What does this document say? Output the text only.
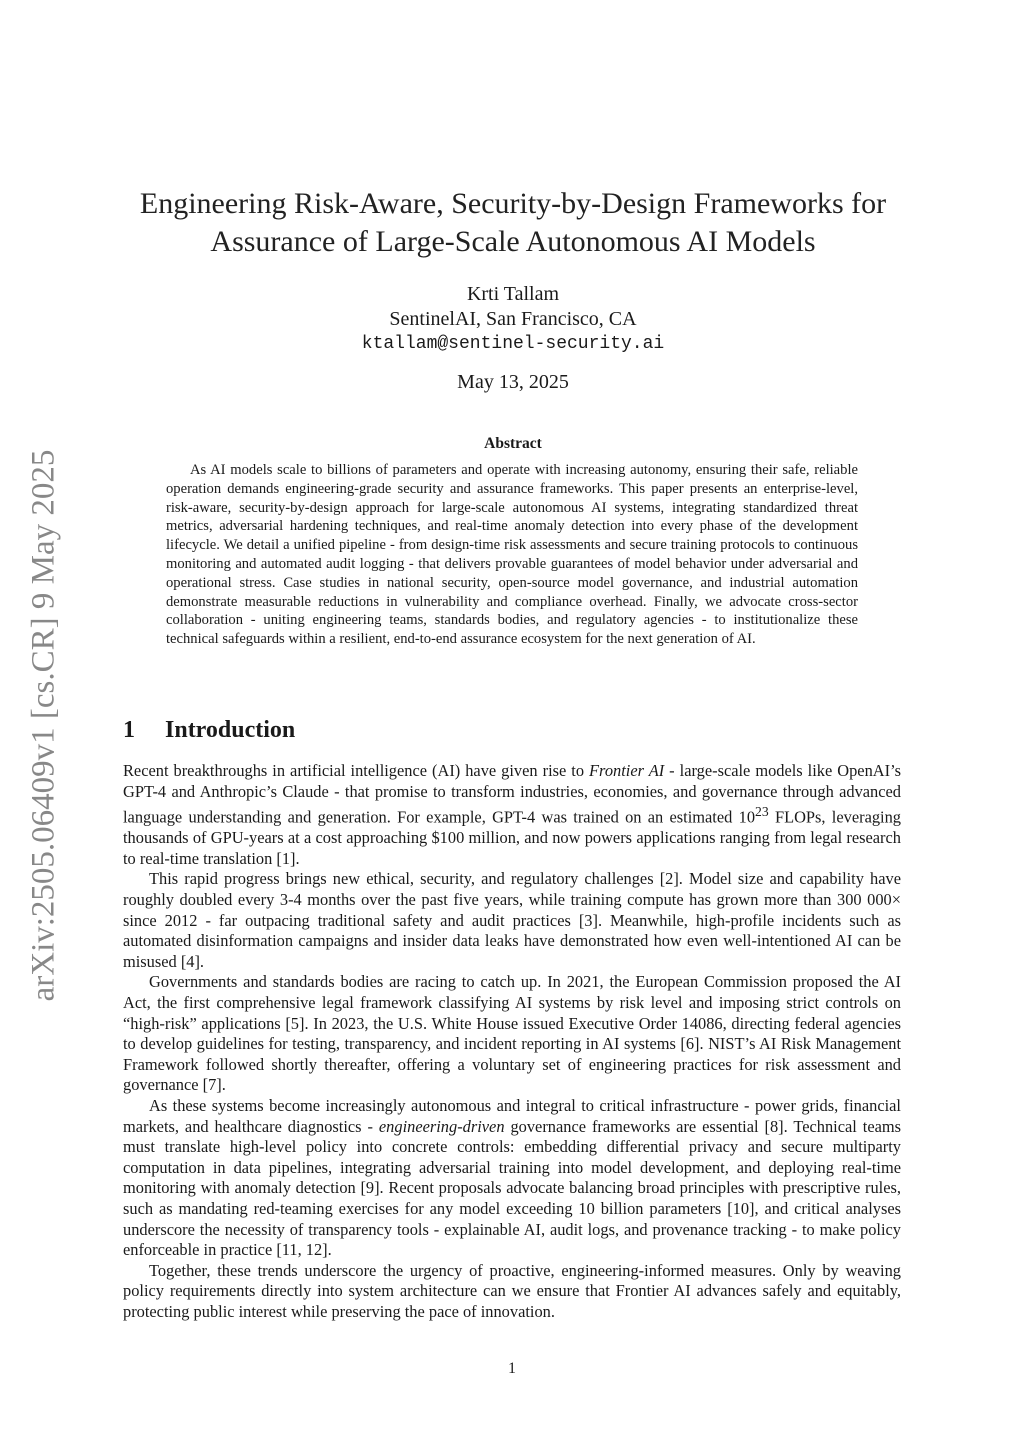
arXiv:2505.06409v1 [cs.CR] 9 May 2025
Engineering Risk-Aware, Security-by-Design Frameworks for
Assurance of Large-Scale Autonomous AI Models
Krti Tallam
SentinelAI, San Francisco, CA
ktallam@sentinel-security.ai
May 13, 2025
Abstract

As AI models scale to billions of parameters and operate with increasing autonomy, ensuring their safe, reliable operation demands engineering-grade security and assurance frameworks. This paper presents an enterprise-level, risk-aware, security-by-design approach for large-scale autonomous AI systems, integrating standardized threat metrics, adversarial hardening techniques, and real-time anomaly detection into every phase of the development lifecycle. We detail a unified pipeline - from design-time risk assessments and secure training protocols to continuous monitoring and automated audit logging - that delivers provable guarantees of model behavior under adversarial and operational stress. Case studies in national security, open-source model governance, and industrial automation demonstrate measurable reductions in vulnerability and compliance overhead. Finally, we advocate cross-sector collaboration - uniting engineering teams, standards bodies, and regulatory agencies - to institutionalize these technical safeguards within a resilient, end-to-end assurance ecosystem for the next generation of AI.

1 Introduction

Recent breakthroughs in artificial intelligence (AI) have given rise to Frontier AI - large-scale models like OpenAI’s GPT-4 and Anthropic’s Claude - that promise to transform industries, economies, and governance through advanced language understanding and generation. For example, GPT-4 was trained on an estimated $10^{23}$ FLOPs, leveraging thousands of GPU-years at a cost approaching $100 million, and now powers applications ranging from legal research to real-time translation [1].

This rapid progress brings new ethical, security, and regulatory challenges [2]. Model size and capability have roughly doubled every 3-4 months over the past five years, while training compute has grown more than 300 000× since 2012 - far outpacing traditional safety and audit practices [3]. Meanwhile, high-profile incidents such as automated disinformation campaigns and insider data leaks have demonstrated how even well-intentioned AI can be misused [4].

Governments and standards bodies are racing to catch up. In 2021, the European Commission proposed the AI Act, the first comprehensive legal framework classifying AI systems by risk level and imposing strict controls on “high-risk” applications [5]. In 2023, the U.S. White House issued Executive Order 14086, directing federal agencies to develop guidelines for testing, transparency, and incident reporting in AI systems [6]. NIST’s AI Risk Management Framework followed shortly thereafter, offering a voluntary set of engineering practices for risk assessment and governance [7].

As these systems become increasingly autonomous and integral to critical infrastructure - power grids, financial markets, and healthcare diagnostics - engineering-driven governance frameworks are essential [8]. Technical teams must translate high-level policy into concrete controls: embedding differential privacy and secure multiparty computation in data pipelines, integrating adversarial training into model development, and deploying real-time monitoring with anomaly detection [9]. Recent proposals advocate balancing broad principles with prescriptive rules, such as mandating red-teaming exercises for any model exceeding 10 billion parameters [10], and critical analyses underscore the necessity of transparency tools - explainable AI, audit logs, and provenance tracking - to make policy enforceable in practice [11, 12].

Together, these trends underscore the urgency of proactive, engineering-informed measures. Only by weaving policy requirements directly into system architecture can we ensure that Frontier AI advances safely and equitably, protecting public interest while preserving the pace of innovation.

1
